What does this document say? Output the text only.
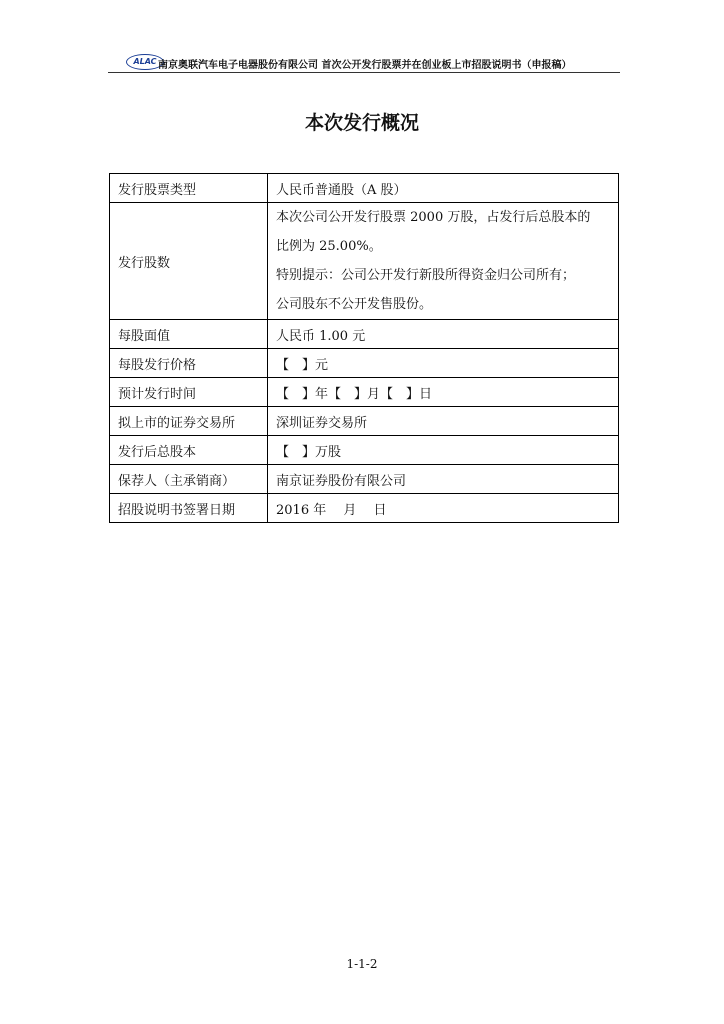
ALAC 南京奥联汽车电子电器股份有限公司 首次公开发行股票并在创业板上市招股说明书（申报稿）
本次发行概况
发行股票类型	人民币普通股（A 股）
发行股数	本次公司公开发行股票 2000 万股，占发行后总股本的
比例为 25.00%。
特别提示：公司公开发行新股所得资金归公司所有；
公司股东不公开发售股份。

每股面值	人民币 1.00 元
每股发行价格	【　】元
预计发行时间	【　】年【　】月【　】日
拟上市的证券交易所	深圳证券交易所
发行后总股本	【　】万股
保荐人（主承销商）	南京证券股份有限公司
招股说明书签署日期	2016 年　 月　 日
1-1-2
